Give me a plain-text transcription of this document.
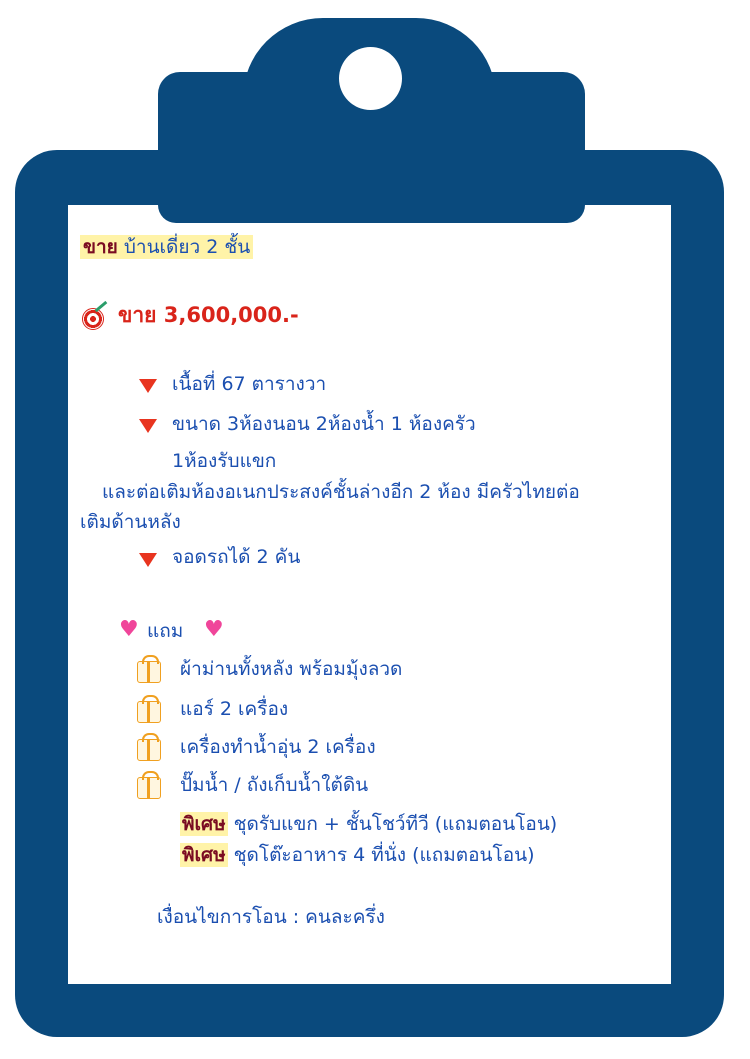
ขาย บ้านเดี่ยว 2 ชั้น
ขาย 3,600,000.-
เนื้อที่ 67 ตารางวา
ขนาด 3ห้องนอน 2ห้องน้ำ 1 ห้องครัว
1ห้องรับแขก
และต่อเติมห้องอเนกประสงค์ชั้นล่างอีก 2 ห้อง มีครัวไทยต่อ
เติมด้านหลัง
จอดรถได้ 2 คัน
♥ แถม ♥
ผ้าม่านทั้งหลัง พร้อมมุ้งลวด
แอร์ 2 เครื่อง
เครื่องทำน้ำอุ่น 2 เครื่อง
ปั๊มน้ำ / ถังเก็บน้ำใต้ดิน
พิเศษ ชุดรับแขก + ชั้นโชว์ทีวี (แถมตอนโอน)
พิเศษ ชุดโต๊ะอาหาร 4 ที่นั่ง (แถมตอนโอน)
เงื่อนไขการโอน : คนละครึ่ง
